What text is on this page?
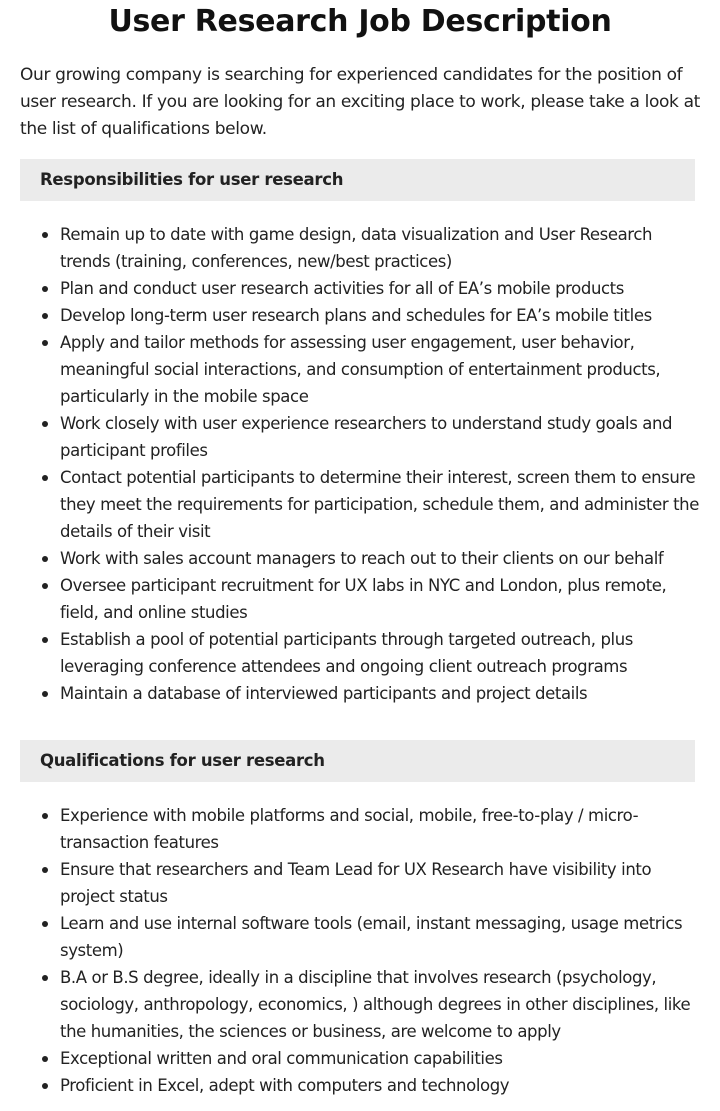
User Research Job Description

Our growing company is searching for experienced candidates for the position of user research. If you are looking for an exciting place to work, please take a look at the list of qualifications below.

Responsibilities for user research
Remain up to date with game design, data visualization and User Research trends (training, conferences, new/best practices)
Plan and conduct user research activities for all of EA’s mobile products
Develop long-term user research plans and schedules for EA’s mobile titles
Apply and tailor methods for assessing user engagement, user behavior, meaningful social interactions, and consumption of entertainment products, particularly in the mobile space
Work closely with user experience researchers to understand study goals and participant profiles
Contact potential participants to determine their interest, screen them to ensure they meet the requirements for participation, schedule them, and administer the details of their visit
Work with sales account managers to reach out to their clients on our behalf
Oversee participant recruitment for UX labs in NYC and London, plus remote, field, and online studies
Establish a pool of potential participants through targeted outreach, plus leveraging conference attendees and ongoing client outreach programs
Maintain a database of interviewed participants and project details
Qualifications for user research
Experience with mobile platforms and social, mobile, free-to-play / micro-transaction features
Ensure that researchers and Team Lead for UX Research have visibility into project status
Learn and use internal software tools (email, instant messaging, usage metrics system)
B.A or B.S degree, ideally in a discipline that involves research (psychology, sociology, anthropology, economics, ) although degrees in other disciplines, like the humanities, the sciences or business, are welcome to apply
Exceptional written and oral communication capabilities
Proficient in Excel, adept with computers and technology
